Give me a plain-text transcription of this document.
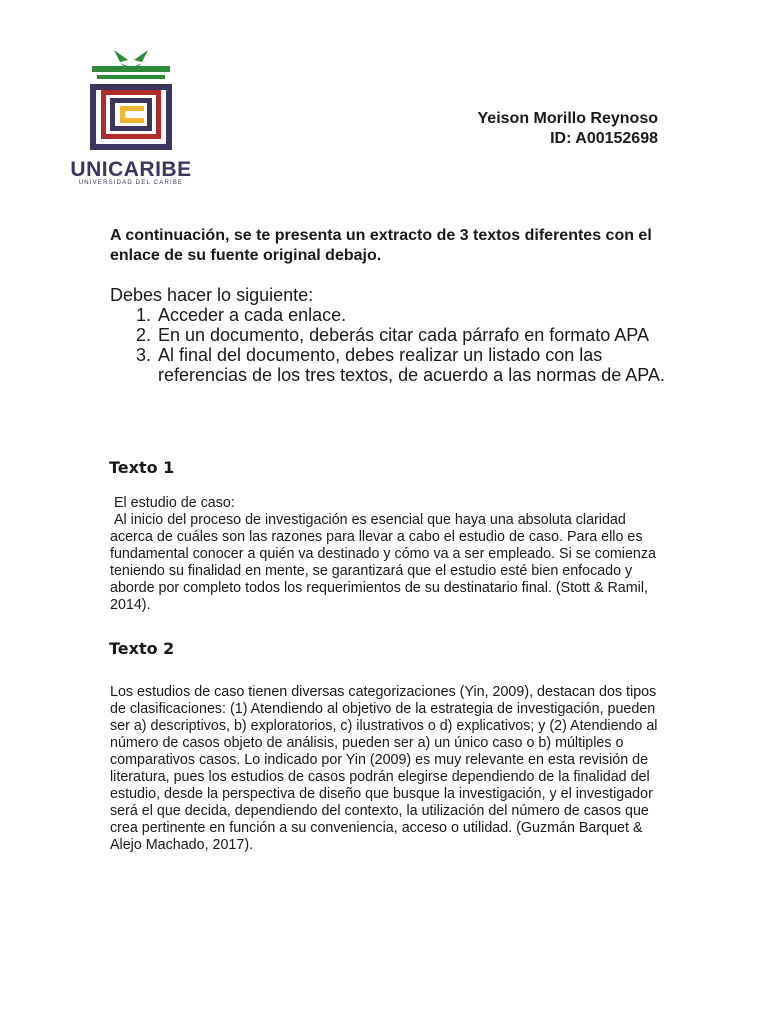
UNICARIBE
UNIVERSIDAD DEL CARIBE
Yeison Morillo Reynoso
ID: A00152698
A continuación, se te presenta un extracto de 3 textos diferentes con el enlace de su fuente original debajo.
Debes hacer lo siguiente:
1. Acceder a cada enlace.
2. En un documento, deberás citar cada párrafo en formato APA
3. Al final del documento, debes realizar un listado con las referencias de los tres textos, de acuerdo a las normas de APA.
Texto 1

El estudio de caso:

Al inicio del proceso de investigación es esencial que haya una absoluta claridad acerca de cuáles son las razones para llevar a cabo el estudio de caso. Para ello es fundamental conocer a quién va destinado y cómo va a ser empleado. Si se comienza teniendo su finalidad en mente, se garantizará que el estudio esté bien enfocado y aborde por completo todos los requerimientos de su destinatario final. (Stott & Ramil, 2014).

Texto 2

Los estudios de caso tienen diversas categorizaciones (Yin, 2009), destacan dos tipos de clasificaciones: (1) Atendiendo al objetivo de la estrategia de investigación, pueden ser a) descriptivos, b) exploratorios, c) ilustrativos o d) explicativos; y (2) Atendiendo al número de casos objeto de análisis, pueden ser a) un único caso o b) múltiples o comparativos casos. Lo indicado por Yin (2009) es muy relevante en esta revisión de literatura, pues los estudios de casos podrán elegirse dependiendo de la finalidad del estudio, desde la perspectiva de diseño que busque la investigación, y el investigador será el que decida, dependiendo del contexto, la utilización del número de casos que crea pertinente en función a su conveniencia, acceso o utilidad. (Guzmán Barquet & Alejo Machado, 2017).
